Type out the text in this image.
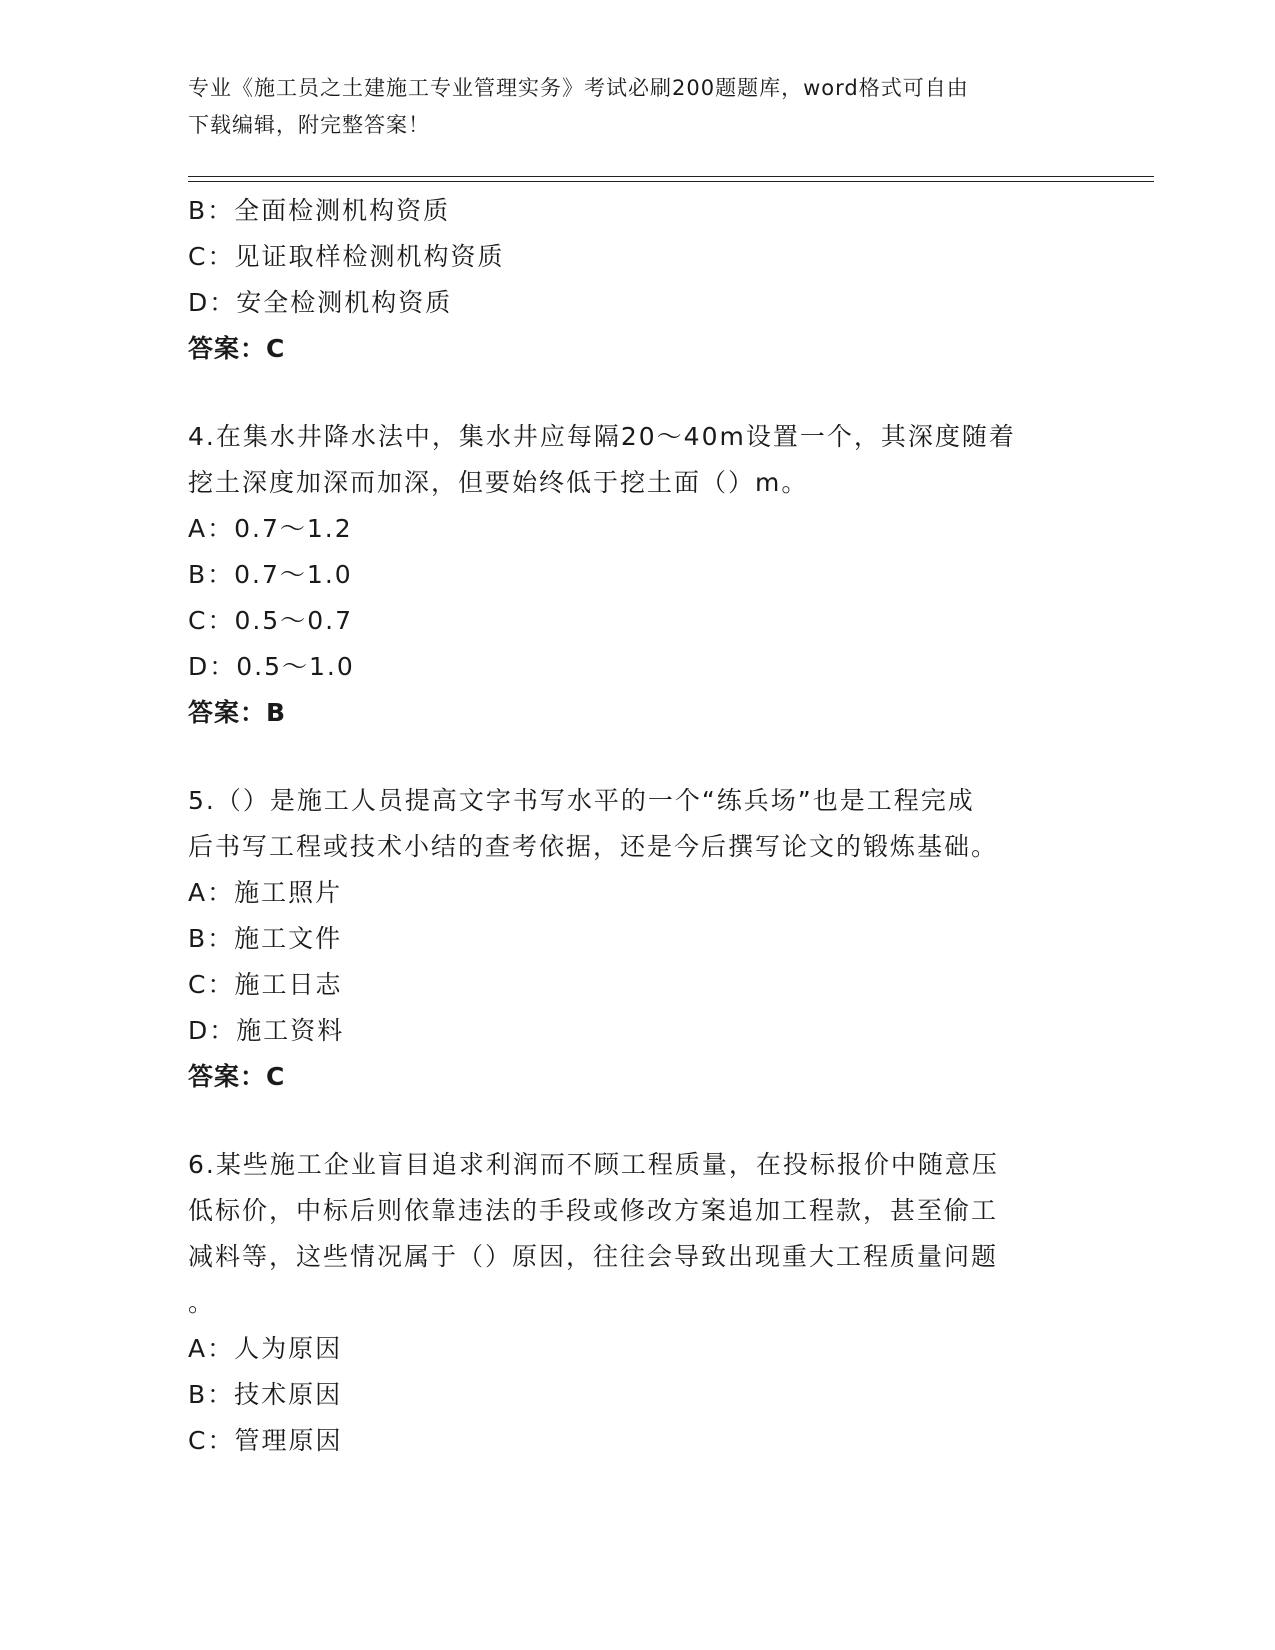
专业《施工员之土建施工专业管理实务》考试必刷200题题库，word格式可自由
下载编辑，附完整答案！
B：全面检测机构资质
C：见证取样检测机构资质
D：安全检测机构资质
答案：C
4.在集水井降水法中，集水井应每隔20～40m设置一个，其深度随着
挖土深度加深而加深，但要始终低于挖土面（）m。
A：0.7～1.2
B：0.7～1.0
C：0.5～0.7
D：0.5～1.0
答案：B
5.（）是施工人员提高文字书写水平的一个“练兵场”也是工程完成
后书写工程或技术小结的查考依据，还是今后撰写论文的锻炼基础。
A：施工照片
B：施工文件
C：施工日志
D：施工资料
答案：C
6.某些施工企业盲目追求利润而不顾工程质量，在投标报价中随意压
低标价，中标后则依靠违法的手段或修改方案追加工程款，甚至偷工
减料等，这些情况属于（）原因，往往会导致出现重大工程质量问题
。
A：人为原因
B：技术原因
C：管理原因
